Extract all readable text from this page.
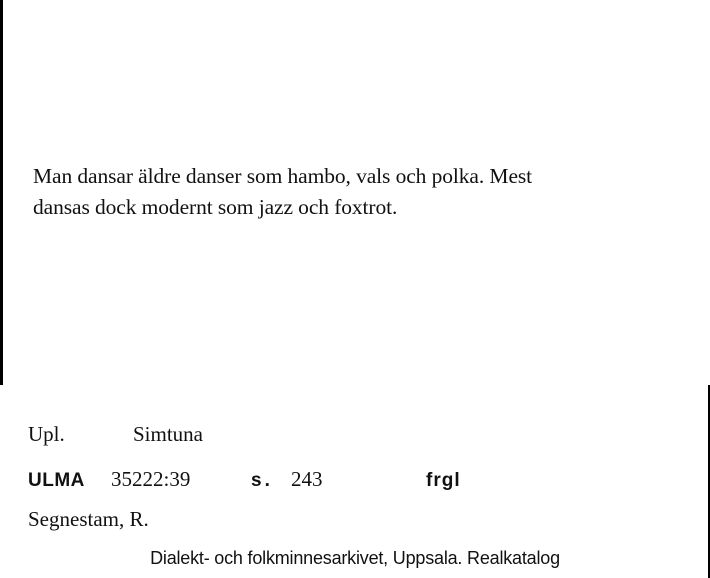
Man dansar äldre danser som hambo, vals och polka. Mest
dansas dock modernt som jazz och foxtrot.
Upl.	Simtuna
ULMA 35222:39	s. 243	frgl
Segnestam, R.
Dialekt- och folkminnesarkivet, Uppsala. Realkatalog
